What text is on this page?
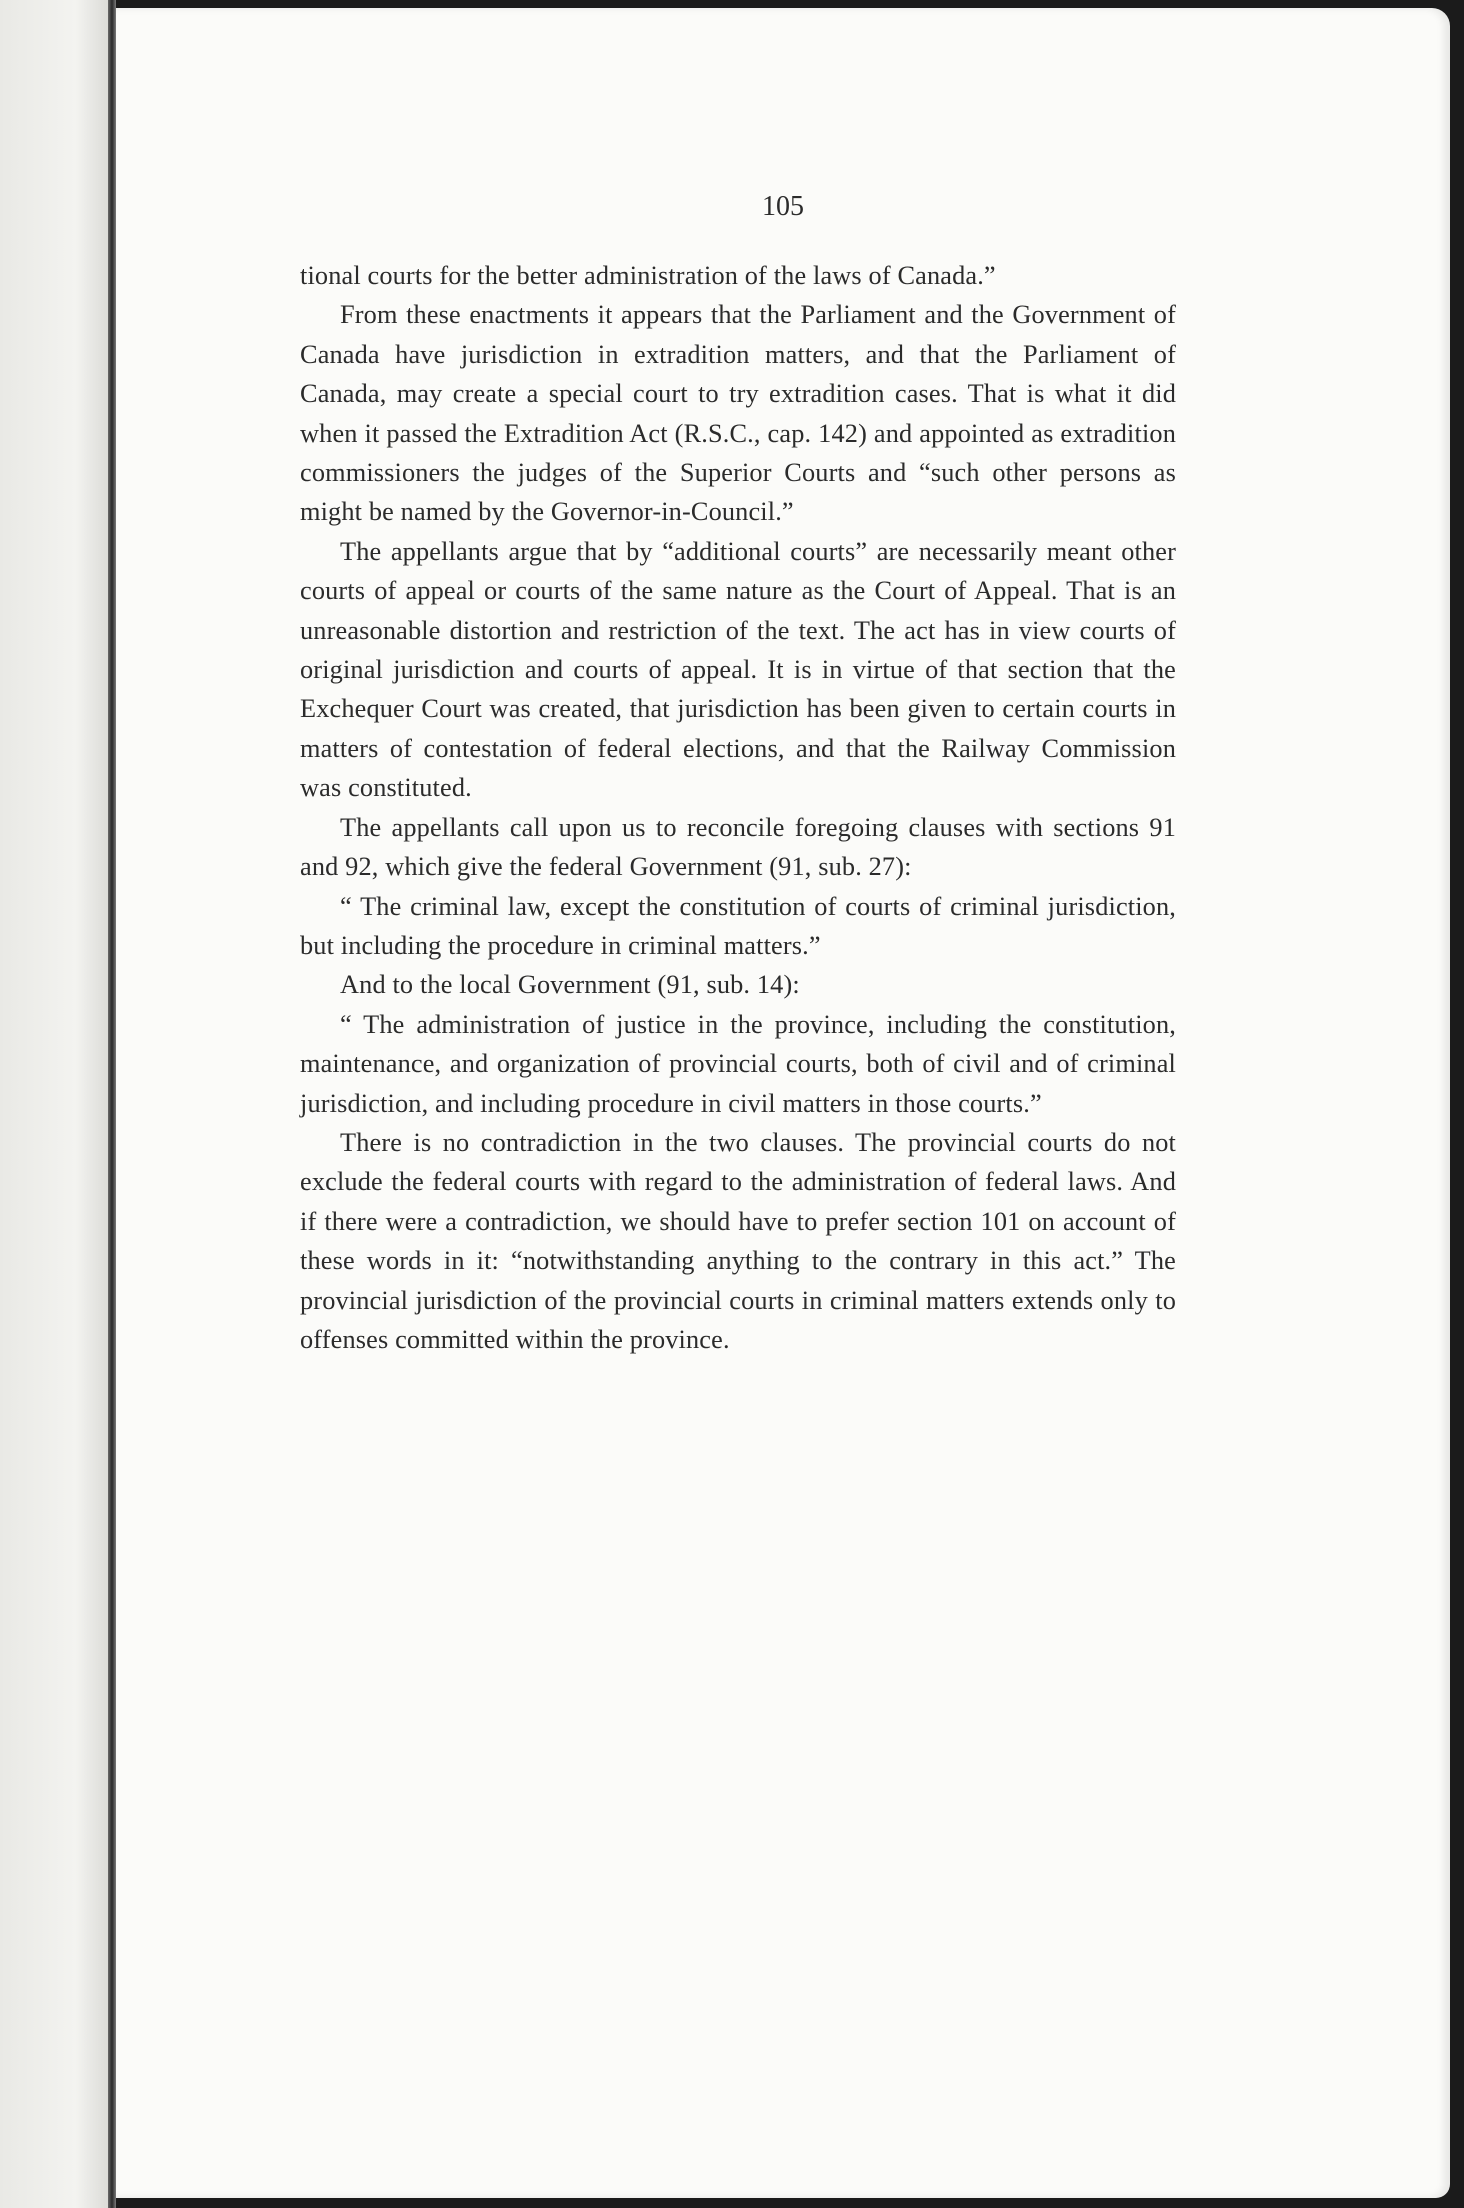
105

tional courts for the better administration of the laws of Canada.”

From these enactments it appears that the Parliament and the Government of Canada have jurisdiction in extradition matters, and that the Parliament of Canada, may create a special court to try extradition cases. That is what it did when it passed the Extradition Act (R.S.C., cap. 142) and appointed as extradition commissioners the judges of the Superior Courts and “such other persons as might be named by the Governor-in-Council.”

The appellants argue that by “additional courts” are necessarily meant other courts of appeal or courts of the same nature as the Court of Appeal. That is an unreasonable distortion and restriction of the text. The act has in view courts of original jurisdiction and courts of appeal. It is in virtue of that section that the Exchequer Court was created, that jurisdiction has been given to certain courts in matters of contestation of federal elections, and that the Railway Commission was constituted.

The appellants call upon us to reconcile foregoing clauses with sections 91 and 92, which give the federal Government (91, sub. 27):

“ The criminal law, except the constitution of courts of criminal jurisdiction, but including the procedure in criminal matters.”

And to the local Government (91, sub. 14):

“ The administration of justice in the province, including the constitution, maintenance, and organization of provincial courts, both of civil and of criminal jurisdiction, and including procedure in civil matters in those courts.”

There is no contradiction in the two clauses. The provincial courts do not exclude the federal courts with regard to the administration of federal laws. And if there were a contradiction, we should have to prefer section 101 on account of these words in it: “notwithstanding anything to the contrary in this act.” The provincial jurisdiction of the provincial courts in criminal matters extends only to offenses committed within the province.
